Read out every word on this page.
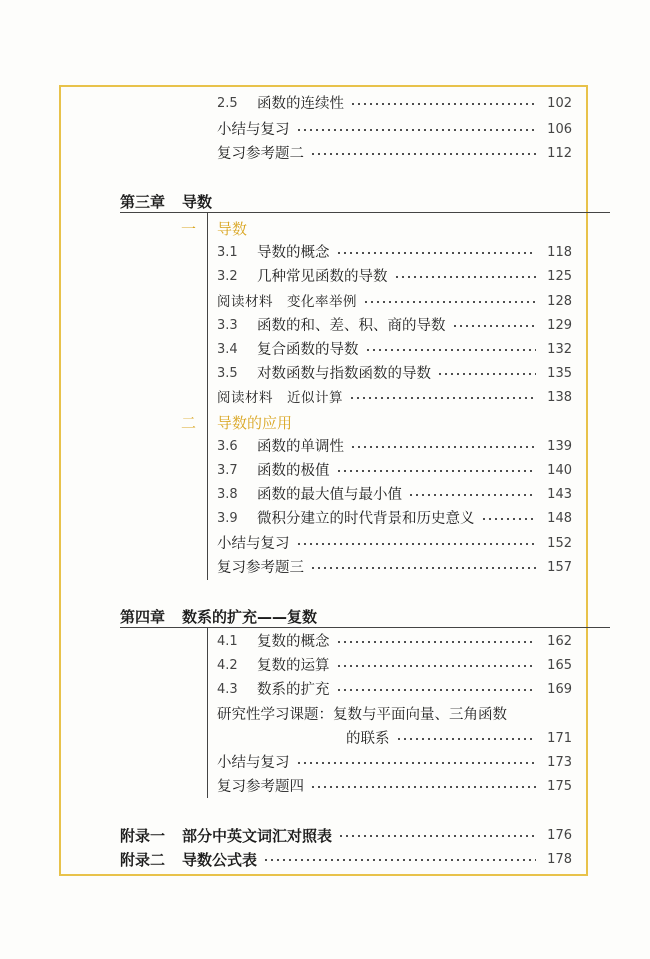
2.5	函数的连续性	102
小结与复习	106
复习参考题二	112
第三章	导数
一	导数
3.1	导数的概念	118
3.2	几种常见函数的导数	125
阅读材料　变化率举例	128
3.3	函数的和、差、积、商的导数	129
3.4	复合函数的导数	132
3.5	对数函数与指数函数的导数	135
阅读材料　近似计算	138
二	导数的应用
3.6	函数的单调性	139
3.7	函数的极值	140
3.8	函数的最大值与最小值	143
3.9	微积分建立的时代背景和历史意义	148
小结与复习	152
复习参考题三	157
第四章	数系的扩充——复数
4.1	复数的概念	162
4.2	复数的运算	165
4.3	数系的扩充	169
研究性学习课题：复数与平面向量、三角函数
的联系	171
小结与复习	173
复习参考题四	175
附录一	部分中英文词汇对照表	176
附录二	导数公式表	178
